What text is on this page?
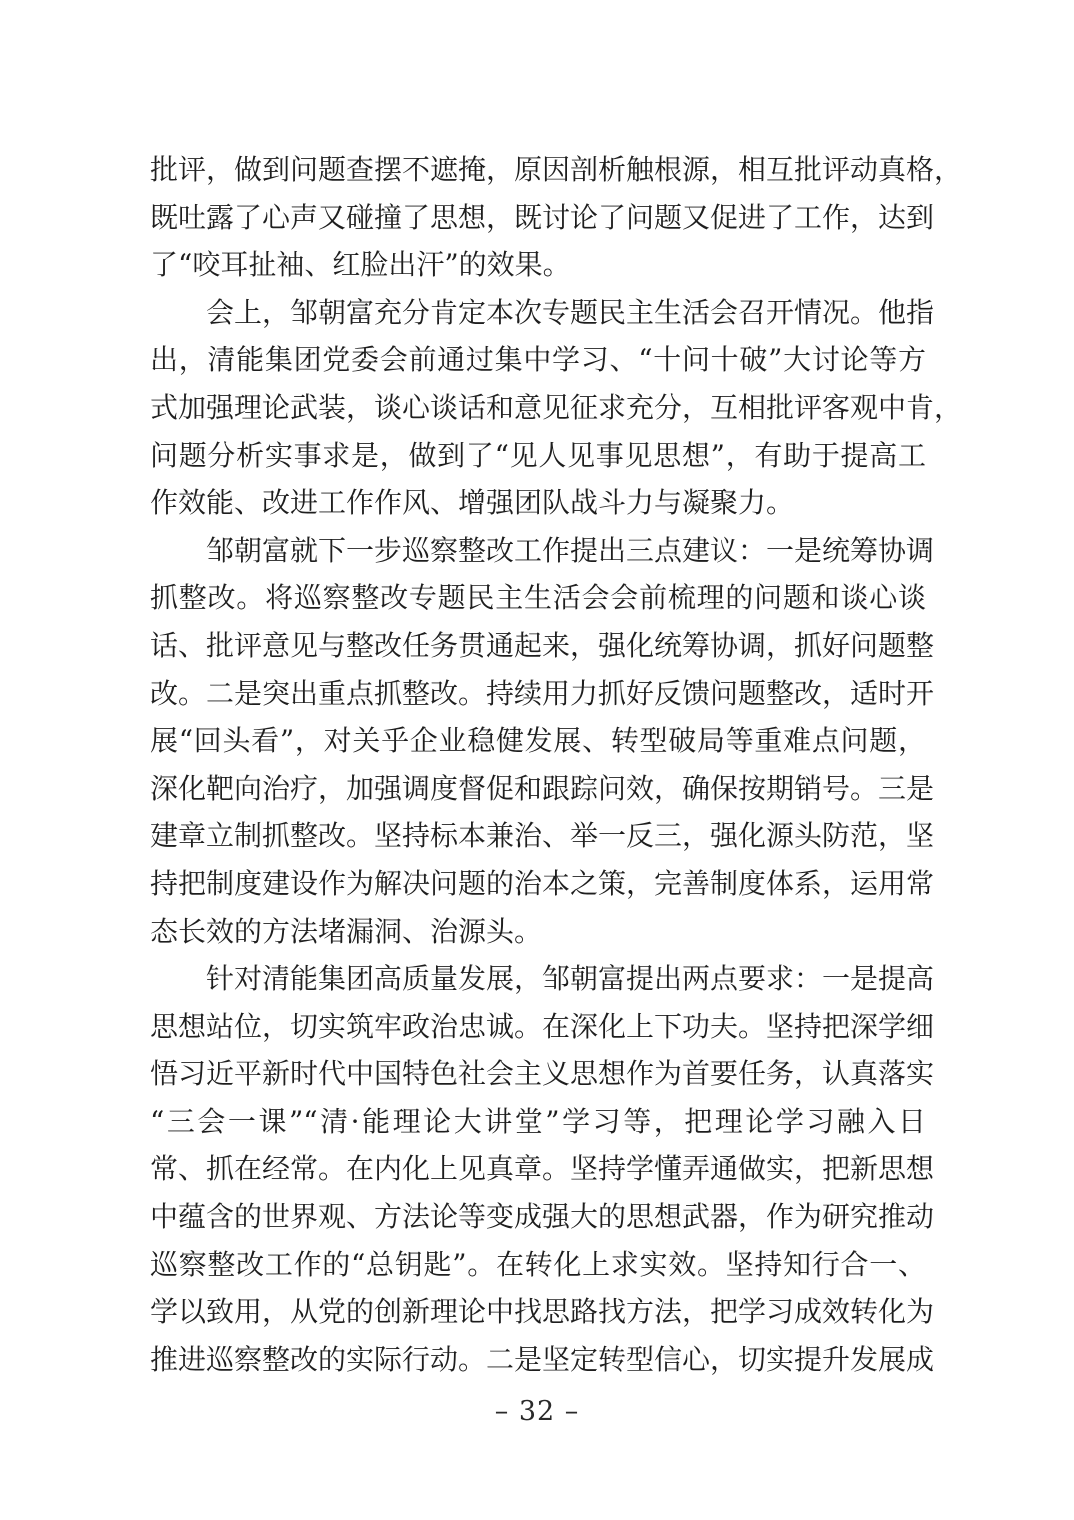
批评，做到问题查摆不遮掩，原因剖析触根源，相互批评动真格，
既吐露了心声又碰撞了思想，既讨论了问题又促进了工作，达到
了“咬耳扯袖、红脸出汗”的效果。
会上，邹朝富充分肯定本次专题民主生活会召开情况。他指
出，清能集团党委会前通过集中学习、“十问十破”大讨论等方
式加强理论武装，谈心谈话和意见征求充分，互相批评客观中肯，
问题分析实事求是，做到了“见人见事见思想”，有助于提高工
作效能、改进工作作风、增强团队战斗力与凝聚力。
邹朝富就下一步巡察整改工作提出三点建议：一是统筹协调
抓整改。将巡察整改专题民主生活会会前梳理的问题和谈心谈
话、批评意见与整改任务贯通起来，强化统筹协调，抓好问题整
改。二是突出重点抓整改。持续用力抓好反馈问题整改，适时开
展“回头看”，对关乎企业稳健发展、转型破局等重难点问题，
深化靶向治疗，加强调度督促和跟踪问效，确保按期销号。三是
建章立制抓整改。坚持标本兼治、举一反三，强化源头防范，坚
持把制度建设作为解决问题的治本之策，完善制度体系，运用常
态长效的方法堵漏洞、治源头。
针对清能集团高质量发展，邹朝富提出两点要求：一是提高
思想站位，切实筑牢政治忠诚。在深化上下功夫。坚持把深学细
悟习近平新时代中国特色社会主义思想作为首要任务，认真落实
“三会一课”“清·能理论大讲堂”学习等，把理论学习融入日
常、抓在经常。在内化上见真章。坚持学懂弄通做实，把新思想
中蕴含的世界观、方法论等变成强大的思想武器，作为研究推动
巡察整改工作的“总钥匙”。在转化上求实效。坚持知行合一、
学以致用，从党的创新理论中找思路找方法，把学习成效转化为
推进巡察整改的实际行动。二是坚定转型信心，切实提升发展成
– 32 –
